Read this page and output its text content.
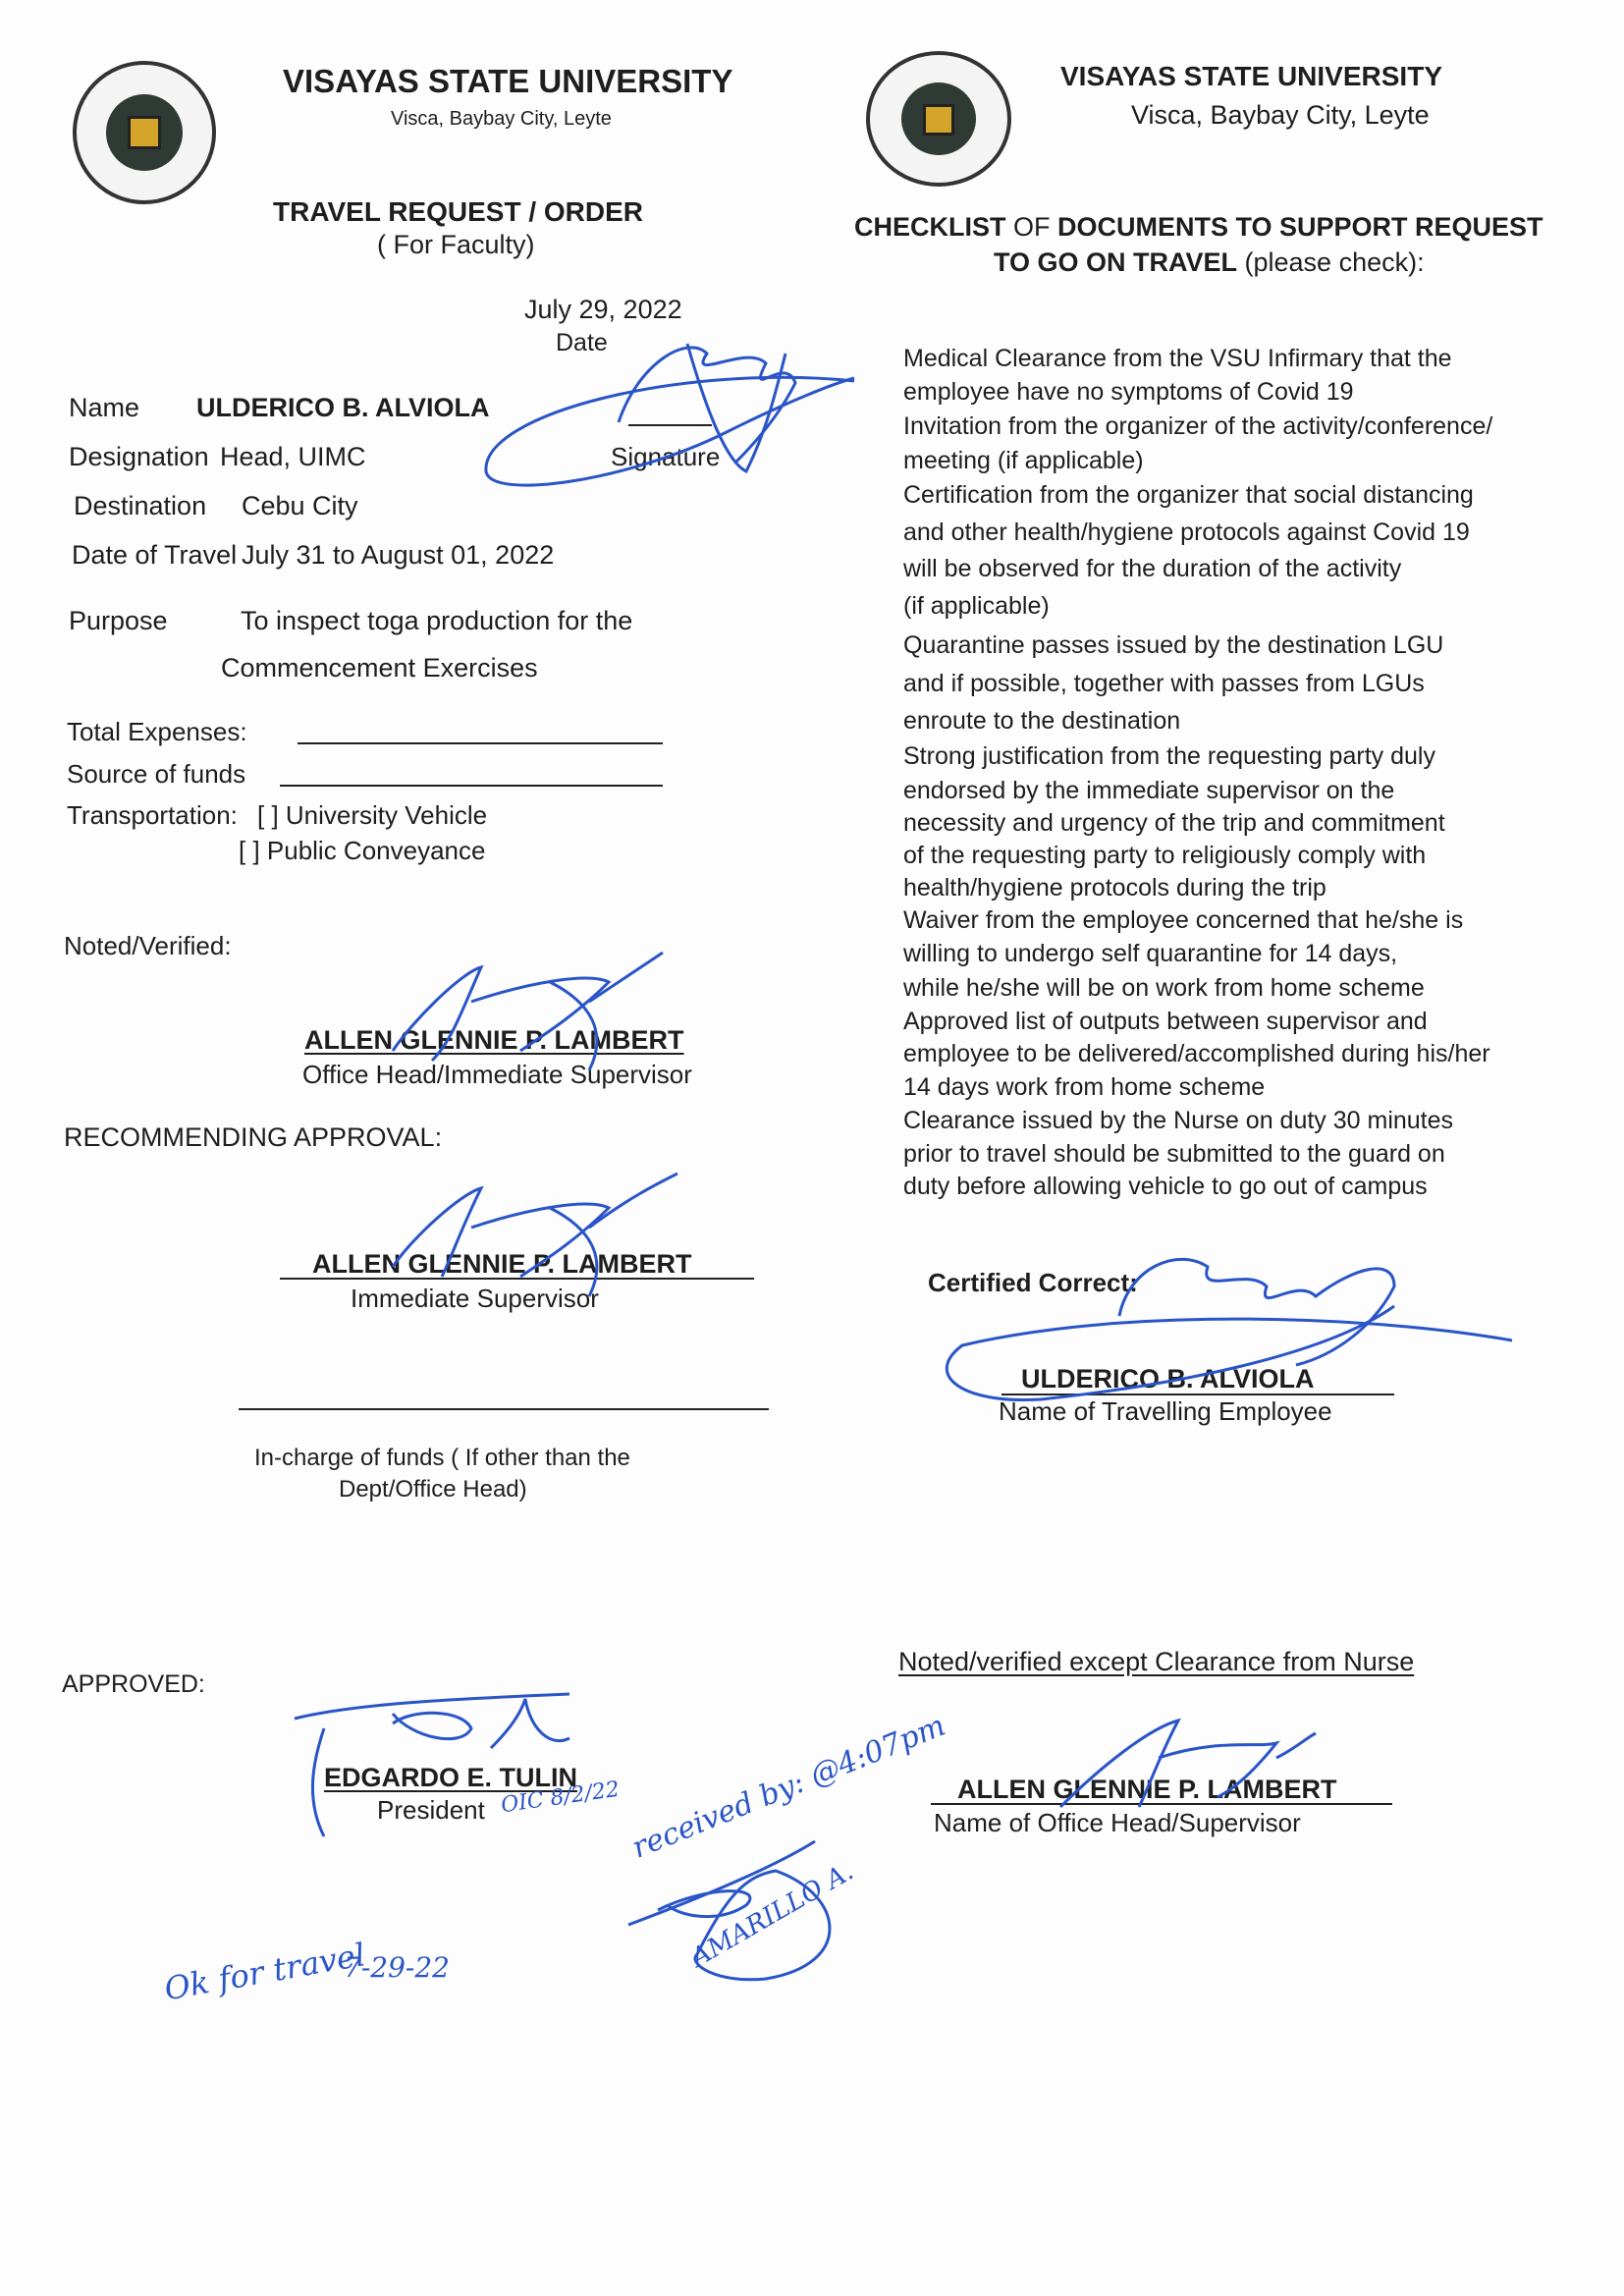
VISAYAS STATE UNIVERSITY
Visca, Baybay City, Leyte
TRAVEL REQUEST / ORDER
( For Faculty)
July 29, 2022
Date
Name ULDERICO B. ALVIOLA
Signature
Designation Head, UIMC
Destination Cebu City
Date of Travel July 31 to August 01, 2022
Purpose	To inspect toga production for the
Commencement Exercises
Total Expenses:
Source of funds
Transportation: [ ] University Vehicle
[ ] Public Conveyance
Noted/Verified:
ALLEN GLENNIE P. LAMBERT
Office Head/Immediate Supervisor
RECOMMENDING APPROVAL:
ALLEN GLENNIE P. LAMBERT
Immediate Supervisor
In-charge of funds ( If other than the
Dept/Office Head)
APPROVED:
EDGARDO E. TULIN
President
VISAYAS STATE UNIVERSITY
Visca, Baybay City, Leyte
CHECKLIST OF DOCUMENTS TO SUPPORT REQUEST
TO GO ON TRAVEL (please check):
Medical Clearance from the VSU Infirmary that the
employee have no symptoms of Covid 19
Invitation from the organizer of the activity/conference/
meeting (if applicable)
Certification from the organizer that social distancing
and other health/hygiene protocols against Covid 19
will be observed for the duration of the activity
(if applicable)
Quarantine passes issued by the destination LGU
and if possible, together with passes from LGUs
enroute to the destination
Strong justification from the requesting party duly
endorsed by the immediate supervisor on the
necessity and urgency of the trip and commitment
of the requesting party to religiously comply with
health/hygiene protocols during the trip
Waiver from the employee concerned that he/she is
willing to undergo self quarantine for 14 days,
while he/she will be on work from home scheme
Approved list of outputs between supervisor and
employee to be delivered/accomplished during his/her
14 days work from home scheme
Clearance issued by the Nurse on duty 30 minutes
prior to travel should be submitted to the guard on
duty before allowing vehicle to go out of campus
Certified Correct:
ULDERICO B. ALVIOLA
Name of Travelling Employee
Noted/verified except Clearance from Nurse
ALLEN GLENNIE P. LAMBERT
Name of Office Head/Supervisor
received by: @4:07pm
AMARILLO A.
Ok for travel
7-29-22
OIC 8/2/22
